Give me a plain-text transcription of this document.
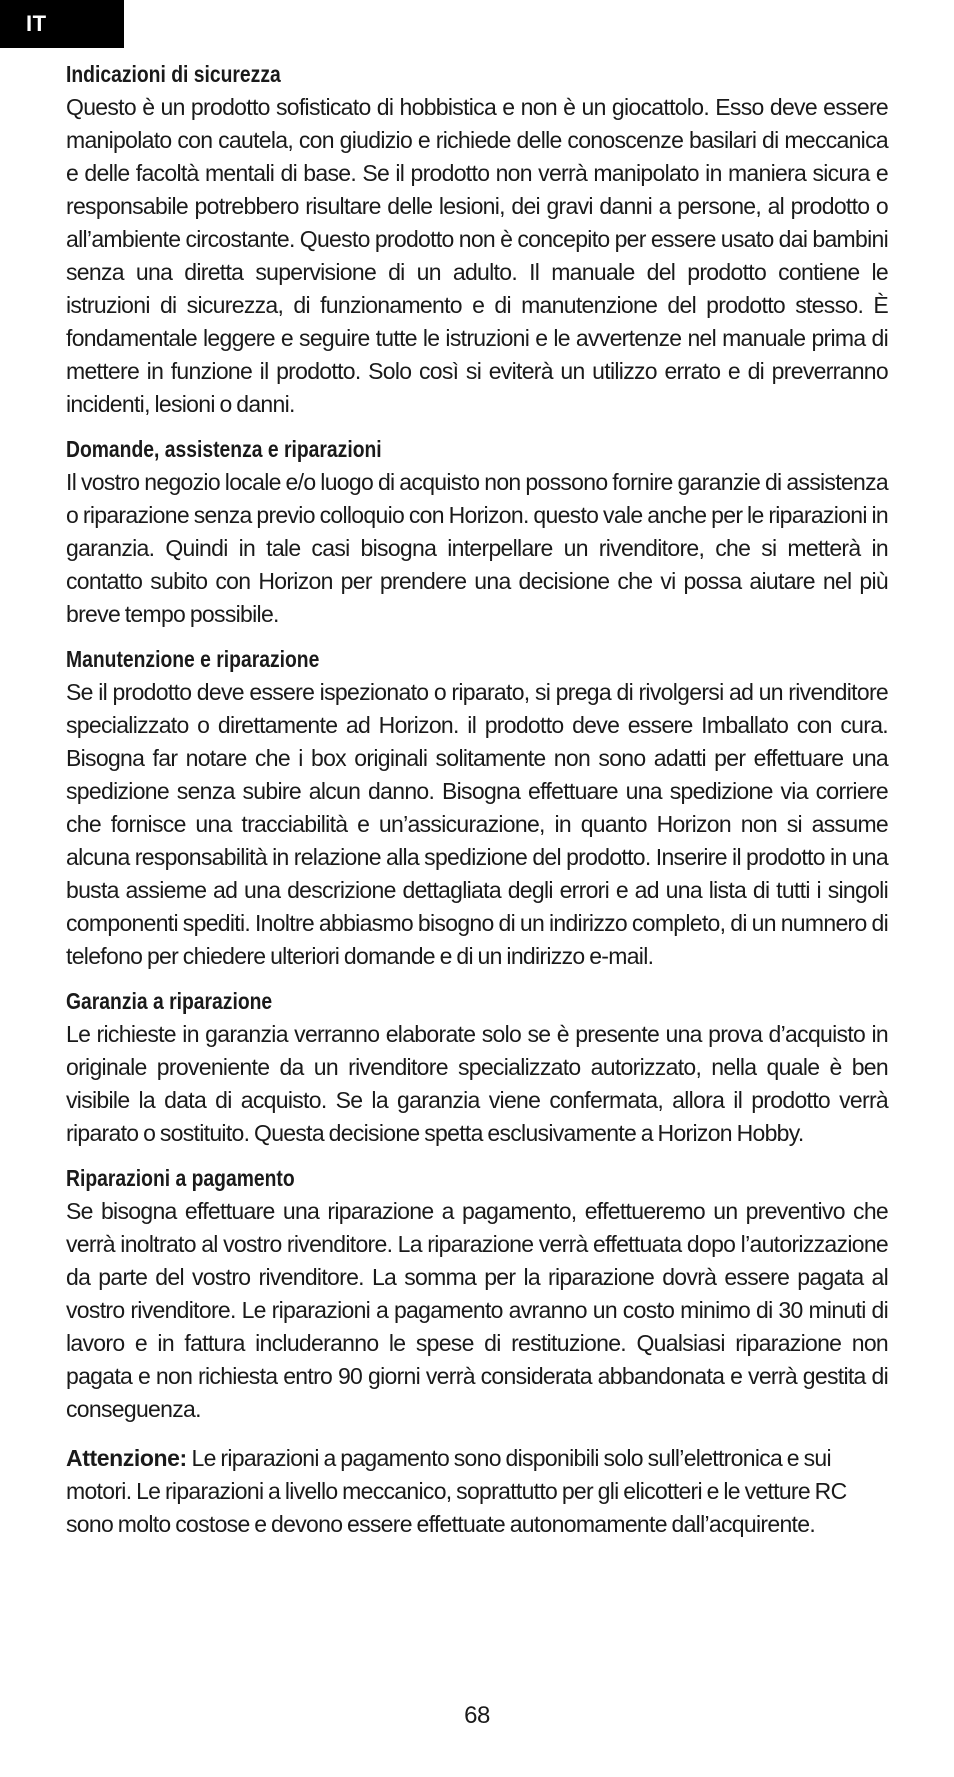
IT
Indicazioni di sicurezza

Questo è un prodotto sofisticato di hobbistica e non è un giocattolo. Esso deve essere manipolato con cautela, con giudizio e richiede delle conoscenze basilari di meccanica e delle facoltà mentali di base. Se il prodotto non verrà manipolato in maniera sicura e responsabile potrebbero risultare delle lesioni, dei gravi danni a persone, al prodotto o all’ambiente circostante. Questo prodotto non è concepito per essere usato dai bambini senza una diretta supervisione di un adulto. Il manuale del prodotto contiene le istruzioni di sicurezza, di funzionamento e di manutenzione del prodotto stesso. È fondamentale leggere e seguire tutte le istruzioni e le avvertenze nel manuale prima di mettere in funzione il prodotto. Solo così si eviterà un utilizzo errato e di preverranno incidenti, lesioni o danni.

Domande, assistenza e riparazioni

Il vostro negozio locale e/o luogo di acquisto non possono fornire garanzie di assistenza o riparazione senza previo colloquio con Horizon. questo vale anche per le riparazioni in garanzia. Quindi in tale casi bisogna interpellare un rivenditore, che si metterà in contatto subito con Horizon per prendere una decisione che vi possa aiutare nel più breve tempo possibile.

Manutenzione e riparazione

Se il prodotto deve essere ispezionato o riparato, si prega di rivolgersi ad un rivenditore specializzato o direttamente ad Horizon. il prodotto deve essere Imballato con cura. Bisogna far notare che i box originali solitamente non sono adatti per effettuare una spedizione senza subire alcun danno. Bisogna effettuare una spedizione via corriere che fornisce una tracciabilità e un’assicurazione, in quanto Horizon non si assume alcuna responsabilità in relazione alla spedizione del prodotto. Inserire il prodotto in una busta assieme ad una descrizione dettagliata degli errori e ad una lista di tutti i singoli componenti spediti. Inoltre abbiasmo bisogno di un indirizzo completo, di un numnero di telefono per chiedere ulteriori domande e di un indirizzo e-mail.

Garanzia a riparazione

Le richieste in garanzia verranno elaborate solo se è presente una prova d’acquisto in originale proveniente da un rivenditore specializzato autorizzato, nella quale è ben visibile la data di acquisto. Se la garanzia viene confermata, allora il prodotto verrà riparato o sostituito. Questa decisione spetta esclusivamente a Horizon Hobby.

Riparazioni a pagamento

Se bisogna effettuare una riparazione a pagamento, effettueremo un preventivo che verrà inoltrato al vostro rivenditore. La riparazione verrà effettuata dopo l’autorizzazione da parte del vostro rivenditore. La somma per la riparazione dovrà essere pagata al vostro rivenditore. Le riparazioni a pagamento avranno un costo minimo di 30 minuti di lavoro e in fattura includeranno le spese di restituzione. Qualsiasi riparazione non pagata e non richiesta entro 90 giorni verrà considerata abbandonata e verrà gestita di conseguenza.

Attenzione: Le riparazioni a pagamento sono disponibili solo sull’elettronica e sui motori. Le riparazioni a livello meccanico, soprattutto per gli elicotteri e le vetture RC sono molto costose e devono essere effettuate autonomamente dall’acquirente.

68
